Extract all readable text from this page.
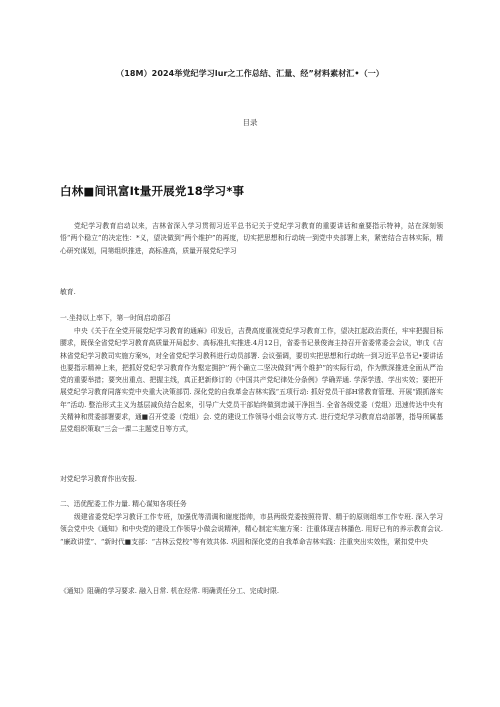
（18M）2024举党纪学习lur之工作总结、汇量、经”材料素材汇•（一）
目录
白林■间讯富It量开展党18学习*事

党纪学习教育启动以来，吉林省深入学习贯彻习近平总书记关于党纪学习教育的重要讲话和童要指示特神，站在深刻领悟“两个稳立”的决定性：*义，望决做到“两个维护”的再度，切实把思想和行动统一到党中央部署上来，紧密结合吉林实际，精心研究谋划，同第组织推进，高标准高，质量开展党纪学习

敏育.

一.坐持以上率下，第一时间启动部召

中央《关于在全党开展党纪学习教育的通麻》印发后，吉费高度重视党纪学习教育工作，望决扛起政治责任，牢牢把握目标腰求，既保全省党纪学习教育高质量开局起步、高标准扎实推进.4月12日，省委书记景俊海主持召开省委常委会会议，审戊《吉林省党纪学习教司实施方案%，对全省党纪学习教科进行动员部署. 会议强调，要切实把思想和行动统一到习近平总书记•要讲话也要指示精神上来，把抓好党纪学习教育作为壑定拥护'’两个确立二坚决做到“两个维护”的实际行动，作为默深推进全面从严治党的重要举措；要突出重点、把握主线，真正把新修订的《中国共产党纪律处分条例》学确弄通. 学深学透、学出实效；要把开展党纪学习教育同落实党中央重大决策部罚. 深化党的自我革金吉林实践“五项行动: 抓好党员干部H常教育管理、开展“跟抓落实年”活动. 整治形式主义为基层减负结合起来，引导广大党员干部始终做到忠诚干净担当. 全省各级党委（党组）迅速传达中央有关精神和贯委部署要求，通■召开党委（党组）会. 党的建设工作领导小组会议等方式. 进行党纪学习教育启动部署，指导所属基层党组织策取“三会一课二主题党日等方式，

对党纪学习教育作出安报.

二、迅优配委工作力量. 精心谋知各项任务

级建省委党纪学习教讦工作专班，加强优等清调和谢度指帅，市县两级党委按照符胃、精于的原则组率工作专班. 深入学习领会党中央《通知》和中央党的建设工作领导小做会说精神，精心制定实施方案：注重体现吉林播色. 用好已有的养示教育会议. “廉政讲堂”、“新时代■支部：“吉林云党校”等有效共体. 巩固和深化党的自我革命吉林实践：注重突出实效性，紧扣党中央

《通知》阻确的学习要求. 融入日常. 机在经常. 明确责任分工、完成时限.
